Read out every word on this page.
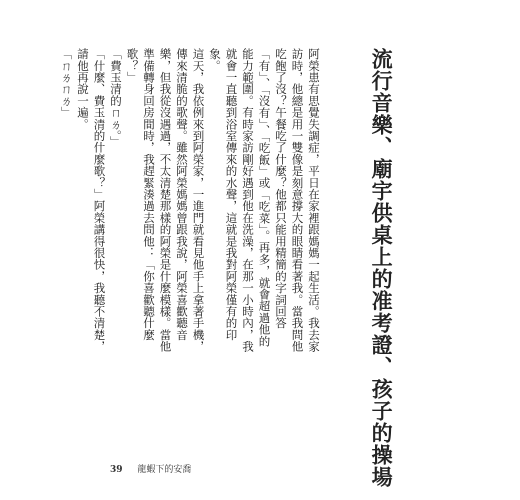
流行音樂、廟宇供桌上的准考證、孩子的操場

阿榮患有思覺失調症，平日在家裡跟媽媽一起生活。我去家訪時，他總是用一雙像是刻意撐大的眼睛看著我。當我問他吃飽了沒？午餐吃了什麼？他都只能用精簡的字詞回答「有」、「沒有」、「吃飯」或「吃菜」。再多，就會超過他的能力範圍。有時家訪剛好遇到他在洗澡，在那一小時內，我就會一直聽到浴室傳來的水聲，這就是我對阿榮僅有的印象。

這天，我依例來到阿榮家，一進門就看見他手上拿著手機，傳來清脆的歌聲。雖然阿榮媽媽曾跟我說，阿榮喜歡聽音樂，但我從沒遇過，不太清楚那樣的阿榮是什麼模樣。當他準備轉身回房間時，我趕緊湊過去問他：「你喜歡聽什麼歌？」

「費玉清的ㄇㄌ。」

「什麼、費玉清的什麼歌？」阿榮講得很快，我聽不清楚，請他再說一遍。

「ㄇㄌㄇㄌ」

39 龍蝦下的安喬
